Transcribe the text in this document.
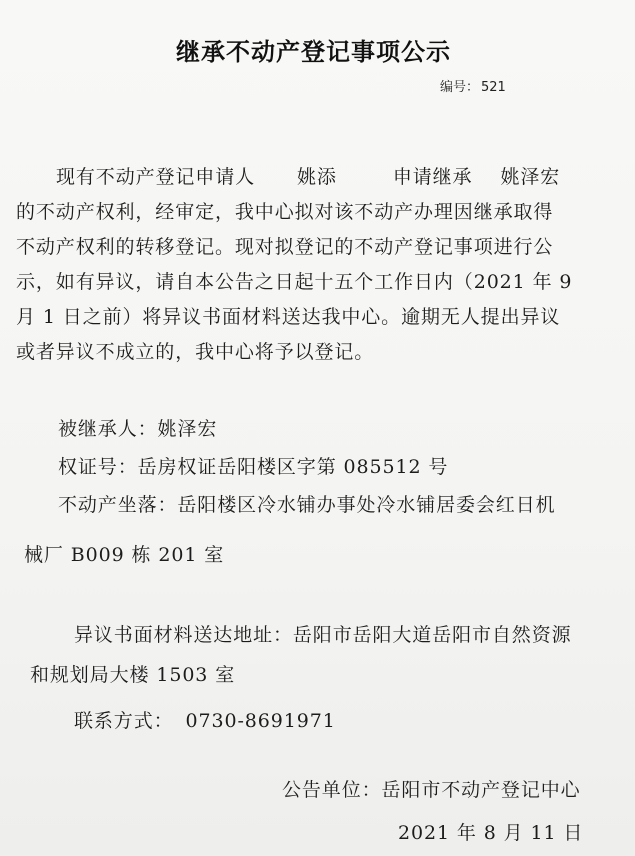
继承不动产登记事项公示
编号： 521
现有不动产登记申请人 姚添	申请继承 姚泽宏
的不动产权利，经审定，我中心拟对该不动产办理因继承取得
不动产权利的转移登记。现对拟登记的不动产登记事项进行公
示，如有异议，请自本公告之日起十五个工作日内（2021 年 9
月 1 日之前）将异议书面材料送达我中心。逾期无人提出异议
或者异议不成立的，我中心将予以登记。
被继承人：姚泽宏
权证号：岳房权证岳阳楼区字第 085512 号
不动产坐落：岳阳楼区冷水铺办事处冷水铺居委会红日机
械厂 B009 栋 201 室
异议书面材料送达地址：岳阳市岳阳大道岳阳市自然资源
和规划局大楼 1503 室
联系方式： 0730-8691971
公告单位：岳阳市不动产登记中心
2021 年 8 月 11 日
